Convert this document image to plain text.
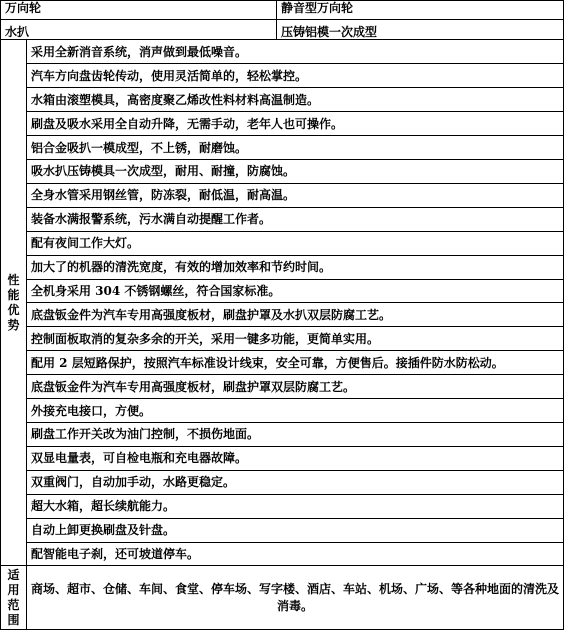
万向轮		静音型万向轮
水扒		压铸铝模一次成型
性能优势	采用全新消音系统，消声做到最低噪音。	
	汽车方向盘齿轮传动，使用灵活简单的，轻松掌控。	
	水箱由滚塑模具，高密度聚乙烯改性料材料高温制造。	
	刷盘及吸水采用全自动升降，无需手动，老年人也可操作。	
	铝合金吸扒一模成型，不上锈，耐磨蚀。	
	吸水扒压铸模具一次成型，耐用、耐撞，防腐蚀。	
	全身水管采用钢丝管，防冻裂，耐低温，耐高温。	
	装备水满报警系统，污水满自动提醒工作者。	
	配有夜间工作大灯。	
	加大了的机器的清洗宽度，有效的增加效率和节约时间。	
	全机身采用 304 不锈钢螺丝，符合国家标准。	
	底盘钣金件为汽车专用高强度板材，刷盘护罩及水扒双层防腐工艺。	
	控制面板取消的复杂多余的开关，采用一键多功能，更简单实用。	
	配用 2 层短路保护，按照汽车标准设计线束，安全可靠，方便售后。接插件防水防松动。	
	底盘钣金件为汽车专用高强度板材，刷盘护罩双层防腐工艺。	
	外接充电接口，方便。	
	刷盘工作开关改为油门控制，不损伤地面。	
	双显电量表，可自检电瓶和充电器故障。	
	双重阀门，自动加手动，水路更稳定。	
	超大水箱，超长续航能力。	
	自动上卸更换刷盘及针盘。	
	配智能电子刹，还可坡道停车。	
适用范围	商场、超市、仓储、车间、食堂、停车场、写字楼、酒店、车站、机场、广场、等各种地面的清洗及消毒。	
